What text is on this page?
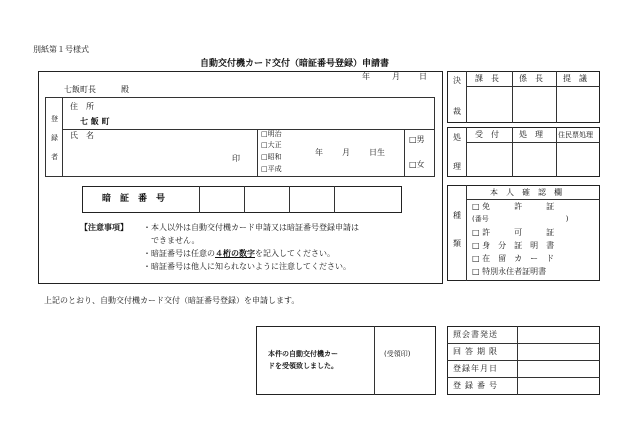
別紙第１号様式
自動交付機カード交付（暗証番号登録）申請書
年	月 日
七飯町長	殿
登
録
者
住　所
七 飯 町
氏　名
印
□明治
□大正
□昭和
□平成
年 月 日生
□男
□女
暗　証　番　号
【注意事項】 ・本人以外は自動交付機カード申請又は暗証番号登録申請は
　できません。
・暗証番号は任意の４桁の数字を記入してください。
・暗証番号は他人に知られないように注意してください。
上記のとおり、自動交付機カード交付（暗証番号登録）を申請します。
決
裁
課　長	係　長	提　議
処
理
受　付	処　理 住民票処理
種
類
本　人　確　認　欄
□ 免　　　許　　　証
(番号　　　　　　　　　　　)
□ 許　　　可　　　証
□ 身　分　証　明　書
□ 在　留　カ　ー　ド
□ 特別永住者証明書
本件の自動交付機カー
ドを受領致しました。
(受領印)
照会書発送
回答期限
登録年月日
登録番号
